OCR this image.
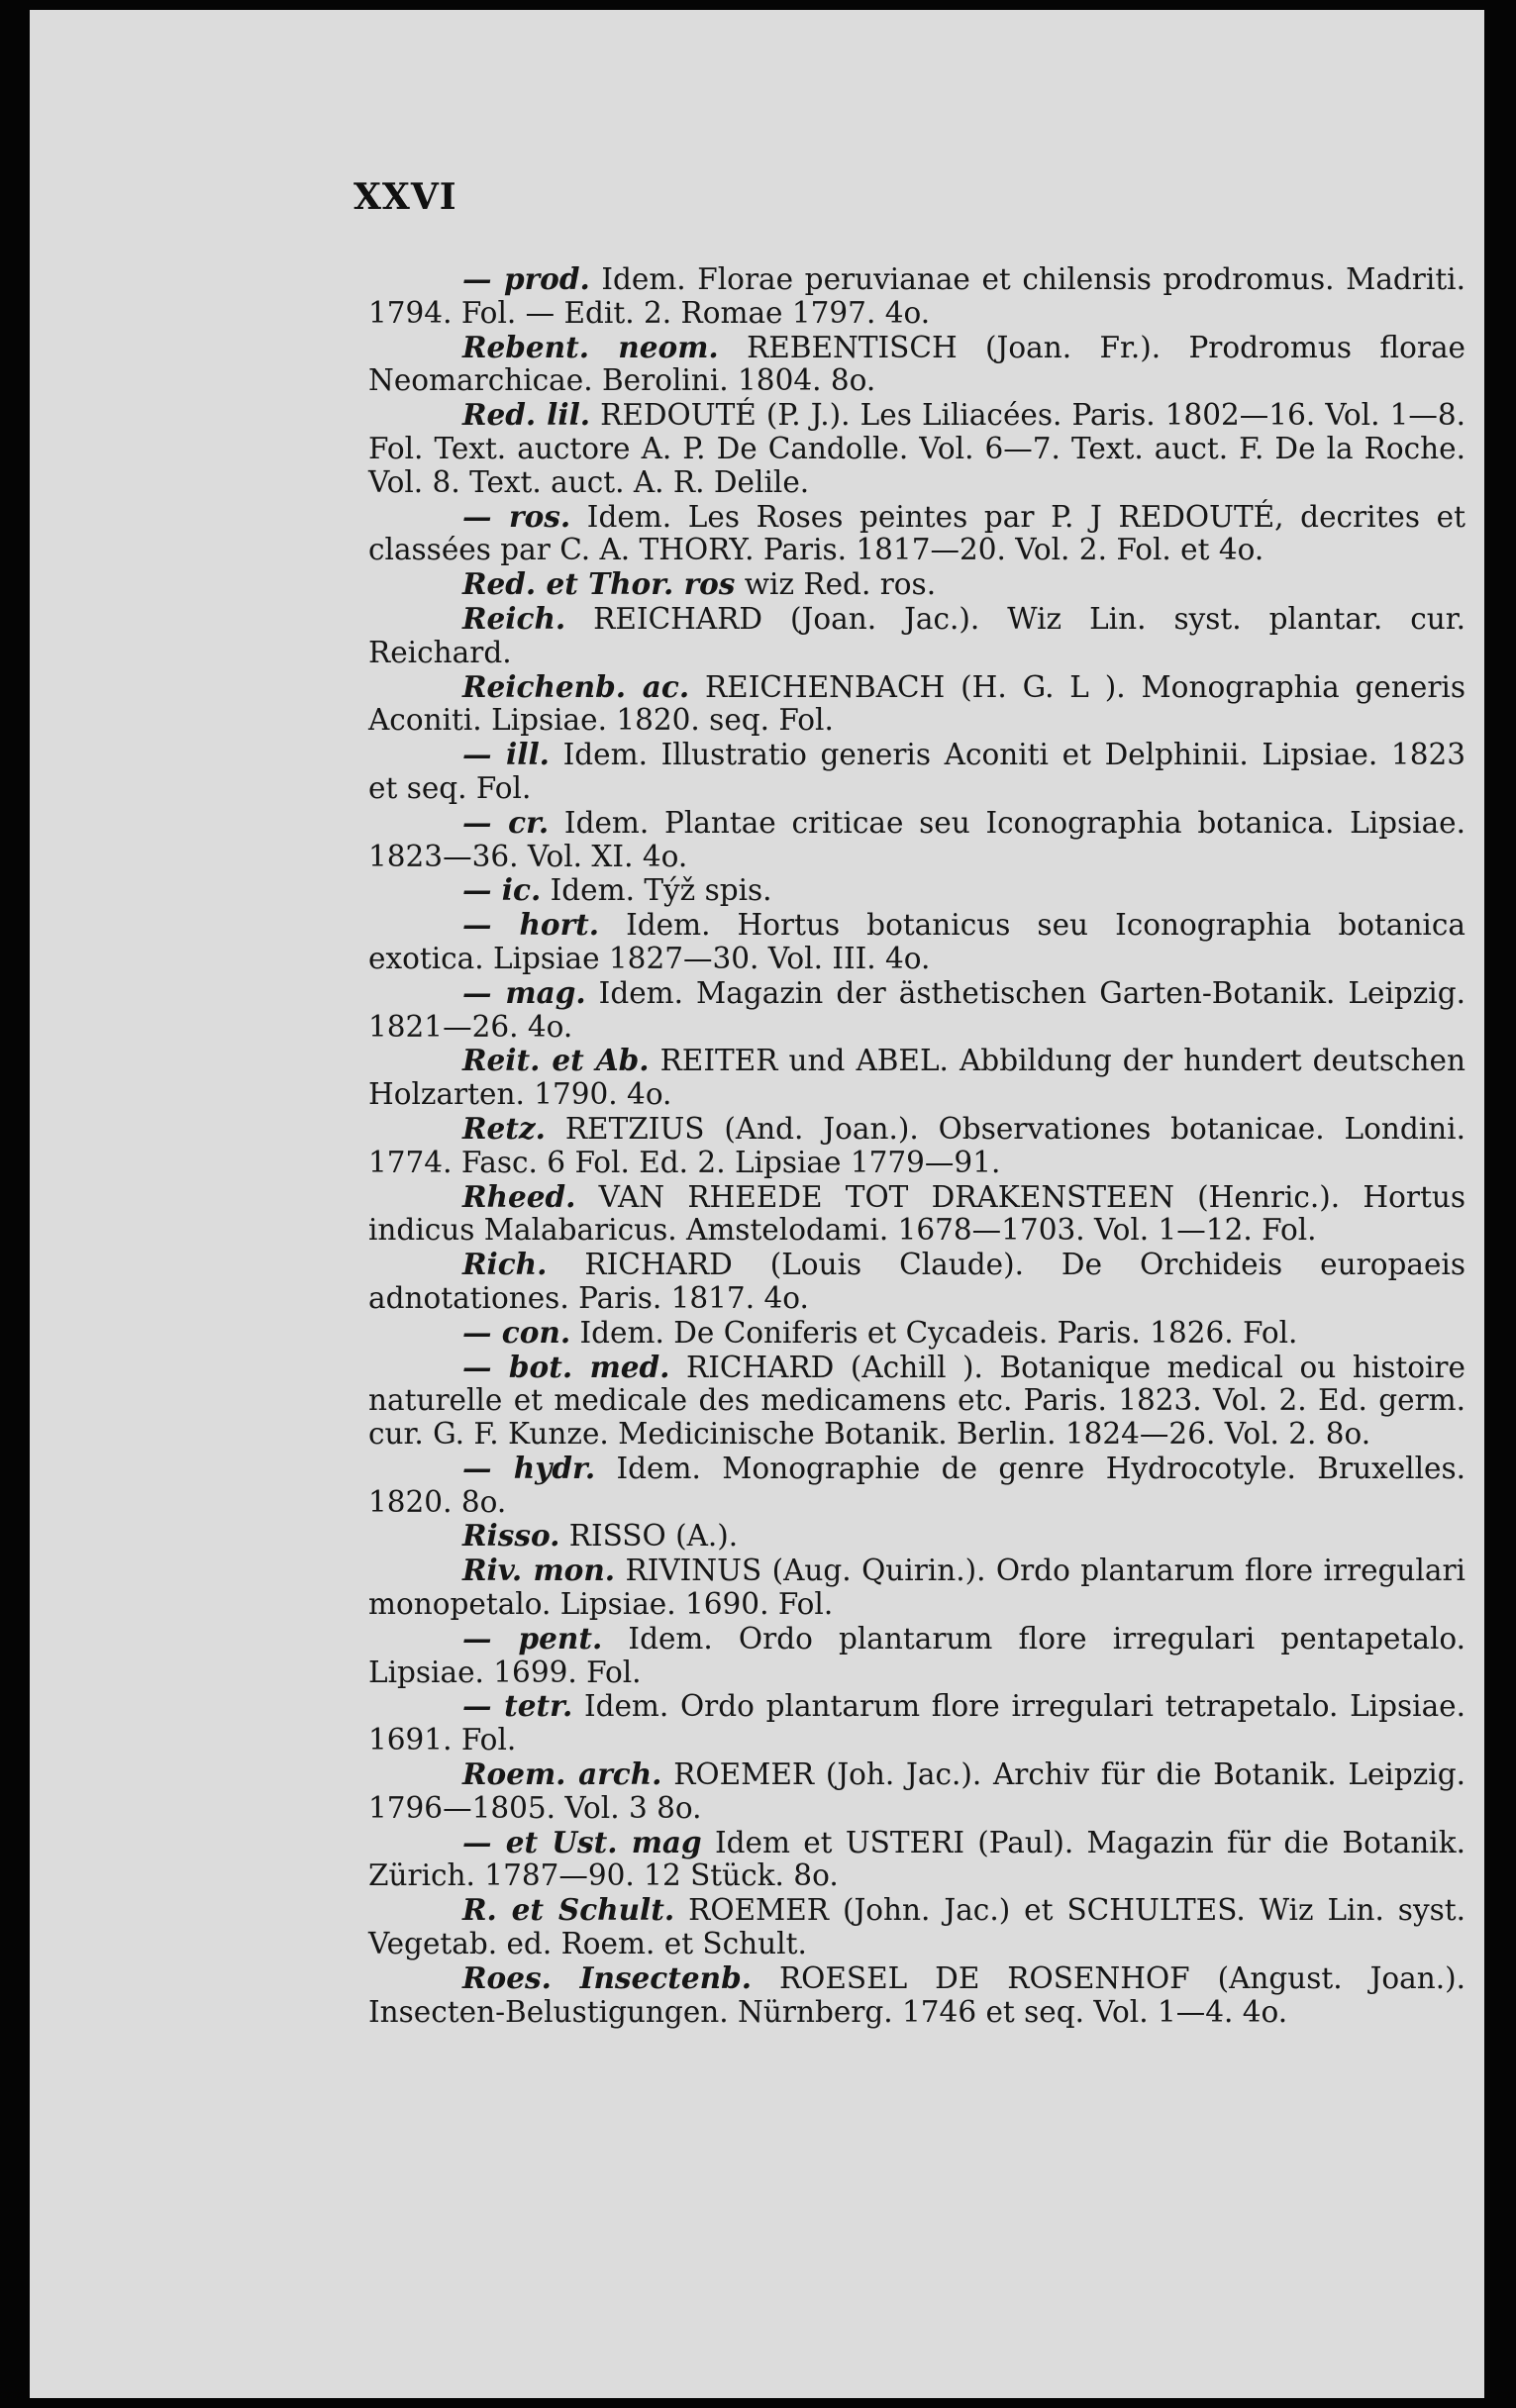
XXVI

— prod. Idem. Florae peruvianae et chilensis prodromus. Madriti. 1794. Fol. — Edit. 2. Romae 1797. 4o.

Rebent. neom. REBENTISCH (Joan. Fr.). Prodromus florae Neomarchicae. Berolini. 1804. 8o.

Red. lil. REDOUTÉ (P. J.). Les Liliacées. Paris. 1802—16. Vol. 1—8. Fol. Text. auctore A. P. De Candolle. Vol. 6—7. Text. auct. F. De la Roche. Vol. 8. Text. auct. A. R. Delile.

— ros. Idem. Les Roses peintes par P. J REDOUTÉ, decrites et classées par C. A. THORY. Paris. 1817—20. Vol. 2. Fol. et 4o.

Red. et Thor. ros wiz Red. ros.

Reich. REICHARD (Joan. Jac.). Wiz Lin. syst. plantar. cur. Reichard.

Reichenb. ac. REICHENBACH (H. G. L ). Monographia generis Aconiti. Lipsiae. 1820. seq. Fol.

— ill. Idem. Illustratio generis Aconiti et Delphinii. Lipsiae. 1823 et seq. Fol.

— cr. Idem. Plantae criticae seu Iconographia botanica. Lipsiae. 1823—36. Vol. XI. 4o.

— ic. Idem. Týž spis.

— hort. Idem. Hortus botanicus seu Iconographia botanica exotica. Lipsiae 1827—30. Vol. III. 4o.

— mag. Idem. Magazin der ästhetischen Garten-Botanik. Leipzig. 1821—26. 4o.

Reit. et Ab. REITER und ABEL. Abbildung der hundert deutschen Holzarten. 1790. 4o.

Retz. RETZIUS (And. Joan.). Observationes botanicae. Londini. 1774. Fasc. 6 Fol. Ed. 2. Lipsiae 1779—91.

Rheed. VAN RHEEDE TOT DRAKENSTEEN (Henric.). Hortus indicus Malabaricus. Amstelodami. 1678—1703. Vol. 1—12. Fol.

Rich. RICHARD (Louis Claude). De Orchideis europaeis adnotationes. Paris. 1817. 4o.

— con. Idem. De Coniferis et Cycadeis. Paris. 1826. Fol.

— bot. med. RICHARD (Achill ). Botanique medical ou histoire naturelle et medicale des medicamens etc. Paris. 1823. Vol. 2. Ed. germ. cur. G. F. Kunze. Medicinische Botanik. Berlin. 1824—26. Vol. 2. 8o.

— hydr. Idem. Monographie de genre Hydrocotyle. Bruxelles. 1820. 8o.

Risso. RISSO (A.).

Riv. mon. RIVINUS (Aug. Quirin.). Ordo plantarum flore irregulari monopetalo. Lipsiae. 1690. Fol.

— pent. Idem. Ordo plantarum flore irregulari pentapetalo. Lipsiae. 1699. Fol.

— tetr. Idem. Ordo plantarum flore irregulari tetrapetalo. Lipsiae. 1691. Fol.

Roem. arch. ROEMER (Joh. Jac.). Archiv für die Botanik. Leipzig. 1796—1805. Vol. 3 8o.

— et Ust. mag Idem et USTERI (Paul). Magazin für die Botanik. Zürich. 1787—90. 12 Stück. 8o.

R. et Schult. ROEMER (John. Jac.) et SCHULTES. Wiz Lin. syst. Vegetab. ed. Roem. et Schult.

Roes. Insectenb. ROESEL DE ROSENHOF (Angust. Joan.). Insecten-Belustigungen. Nürnberg. 1746 et seq. Vol. 1—4. 4o.
